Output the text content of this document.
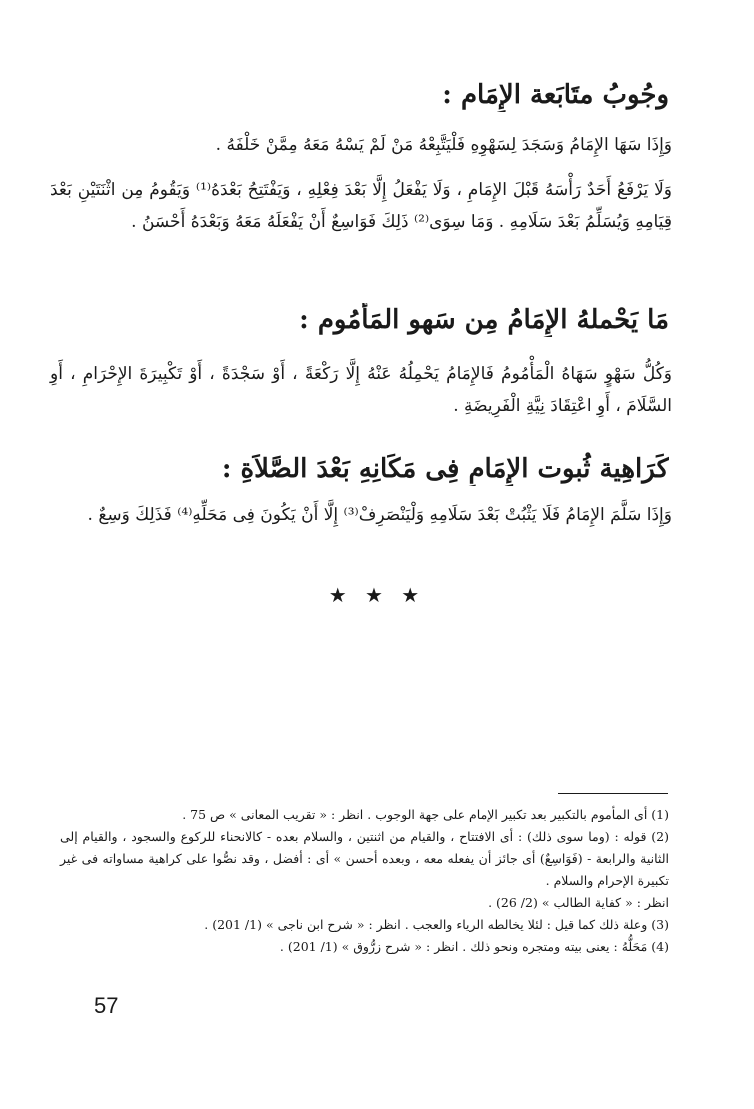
وجُوبُ متَابَعة الإِمَام :
وَإِذَا سَهَا الإِمَامُ وَسَجَدَ لِسَهْوِهِ فَلْيَتَّبِعْهُ مَنْ لَمْ يَسْهُ مَعَهُ مِمَّنْ خَلْفَهُ .
وَلَا يَرْفَعُ أَحَدٌ رَأْسَهُ قَبْلَ الإِمَامِ ، وَلَا يَفْعَلُ إِلَّا بَعْدَ فِعْلِهِ ، وَيَفْتَتِحُ بَعْدَهُ⁽¹⁾ وَيَقُومُ مِن اثْنَتَيْنِ بَعْدَ قِيَامِهِ وَيُسَلِّمُ بَعْدَ سَلَامِهِ . وَمَا سِوَى⁽²⁾ ذَلِكَ فَوَاسِعٌ أَنْ يَفْعَلَهُ مَعَهُ وَبَعْدَهُ أَحْسَنُ .
مَا يَحْملهُ الإِمَامُ مِن سَهو المَأْمُوم :
وَكُلُّ سَهْوٍ سَهَاهُ الْمَأْمُومُ فَالإِمَامُ يَحْمِلُهُ عَنْهُ إِلَّا رَكْعَةً ، أَوْ سَجْدَةً ، أَوْ تَكْبِيرَةَ الإِحْرَامِ ، أَوِ السَّلَامَ ، أَوِ اعْتِقَادَ نِيَّةِ الْفَرِيضَةِ .
كَرَاهِية ثُبوت الإِمَامِ فِى مَكَانِهِ بَعْدَ الصَّلاَةِ :
وَإِذَا سَلَّمَ الإِمَامُ فَلَا يَثْبُتْ بَعْدَ سَلَامِهِ وَلْيَنْصَرِفْ⁽³⁾ إِلَّا أَنْ يَكُونَ فِى مَحَلِّهِ⁽⁴⁾ فَذَلِكَ وَسِعٌ .
★ ★ ★
(1) أى المأموم بالتكبير بعد تكبير الإمام على جهة الوجوب . انظر : « تقريب المعانى » ص 75 .
(2) قوله : (وما سوى ذلك) : أى الافتتاح ، والقيام من اثنتين ، والسلام بعده - كالانحناء للركوع والسجود ، والقيام إلى الثانية والرابعة - (فَوَاسِعٌ) أى جائز أن يفعله معه ، وبعده أحسن » أى : أفضل ، وقد نصُّوا على كراهية مساواته فى غير تكبيرة الإحرام والسلام .
انظر : « كفاية الطالب » (2/ 26) .
(3) وعلة ذلك كما قيل : لئلا يخالطه الرياء والعجب . انظر : « شرح ابن ناجى » (1/ 201) .
(4) مَحَلُّهُ : يعنى بيته ومتجره ونحو ذلك . انظر : « شرح زرُّوق » (1/ 201) .
57
